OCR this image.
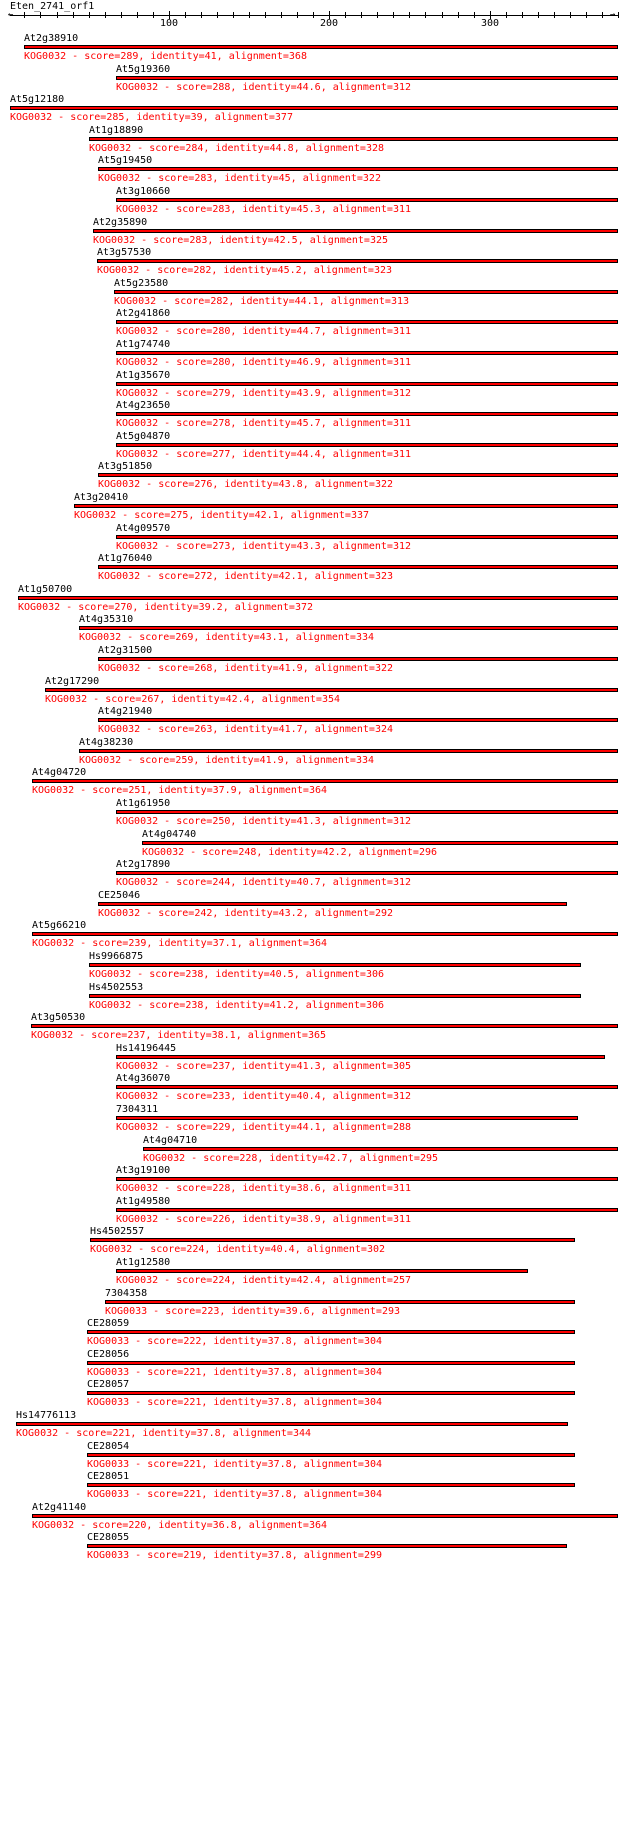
Eten_2741_orf1
←	→
100	200	300
At2g38910
KOG0032 - score=289, identity=41, alignment=368
At5g19360
KOG0032 - score=288, identity=44.6, alignment=312
At5g12180
KOG0032 - score=285, identity=39, alignment=377
At1g18890
KOG0032 - score=284, identity=44.8, alignment=328
At5g19450
KOG0032 - score=283, identity=45, alignment=322
At3g10660
KOG0032 - score=283, identity=45.3, alignment=311
At2g35890
KOG0032 - score=283, identity=42.5, alignment=325
At3g57530
KOG0032 - score=282, identity=45.2, alignment=323
At5g23580
KOG0032 - score=282, identity=44.1, alignment=313
At2g41860
KOG0032 - score=280, identity=44.7, alignment=311
At1g74740
KOG0032 - score=280, identity=46.9, alignment=311
At1g35670
KOG0032 - score=279, identity=43.9, alignment=312
At4g23650
KOG0032 - score=278, identity=45.7, alignment=311
At5g04870
KOG0032 - score=277, identity=44.4, alignment=311
At3g51850
KOG0032 - score=276, identity=43.8, alignment=322
At3g20410
KOG0032 - score=275, identity=42.1, alignment=337
At4g09570
KOG0032 - score=273, identity=43.3, alignment=312
At1g76040
KOG0032 - score=272, identity=42.1, alignment=323
At1g50700
KOG0032 - score=270, identity=39.2, alignment=372
At4g35310
KOG0032 - score=269, identity=43.1, alignment=334
At2g31500
KOG0032 - score=268, identity=41.9, alignment=322
At2g17290
KOG0032 - score=267, identity=42.4, alignment=354
At4g21940
KOG0032 - score=263, identity=41.7, alignment=324
At4g38230
KOG0032 - score=259, identity=41.9, alignment=334
At4g04720
KOG0032 - score=251, identity=37.9, alignment=364
At1g61950
KOG0032 - score=250, identity=41.3, alignment=312
At4g04740
KOG0032 - score=248, identity=42.2, alignment=296
At2g17890
KOG0032 - score=244, identity=40.7, alignment=312
CE25046
KOG0032 - score=242, identity=43.2, alignment=292
At5g66210
KOG0032 - score=239, identity=37.1, alignment=364
Hs9966875
KOG0032 - score=238, identity=40.5, alignment=306
Hs4502553
KOG0032 - score=238, identity=41.2, alignment=306
At3g50530
KOG0032 - score=237, identity=38.1, alignment=365
Hs14196445
KOG0032 - score=237, identity=41.3, alignment=305
At4g36070
KOG0032 - score=233, identity=40.4, alignment=312
7304311
KOG0032 - score=229, identity=44.1, alignment=288
At4g04710
KOG0032 - score=228, identity=42.7, alignment=295
At3g19100
KOG0032 - score=228, identity=38.6, alignment=311
At1g49580
KOG0032 - score=226, identity=38.9, alignment=311
Hs4502557
KOG0032 - score=224, identity=40.4, alignment=302
At1g12580
KOG0032 - score=224, identity=42.4, alignment=257
7304358
KOG0033 - score=223, identity=39.6, alignment=293
CE28059
KOG0033 - score=222, identity=37.8, alignment=304
CE28056
KOG0033 - score=221, identity=37.8, alignment=304
CE28057
KOG0033 - score=221, identity=37.8, alignment=304
Hs14776113
KOG0032 - score=221, identity=37.8, alignment=344
CE28054
KOG0033 - score=221, identity=37.8, alignment=304
CE28051
KOG0033 - score=221, identity=37.8, alignment=304
At2g41140
KOG0032 - score=220, identity=36.8, alignment=364
CE28055
KOG0033 - score=219, identity=37.8, alignment=299
